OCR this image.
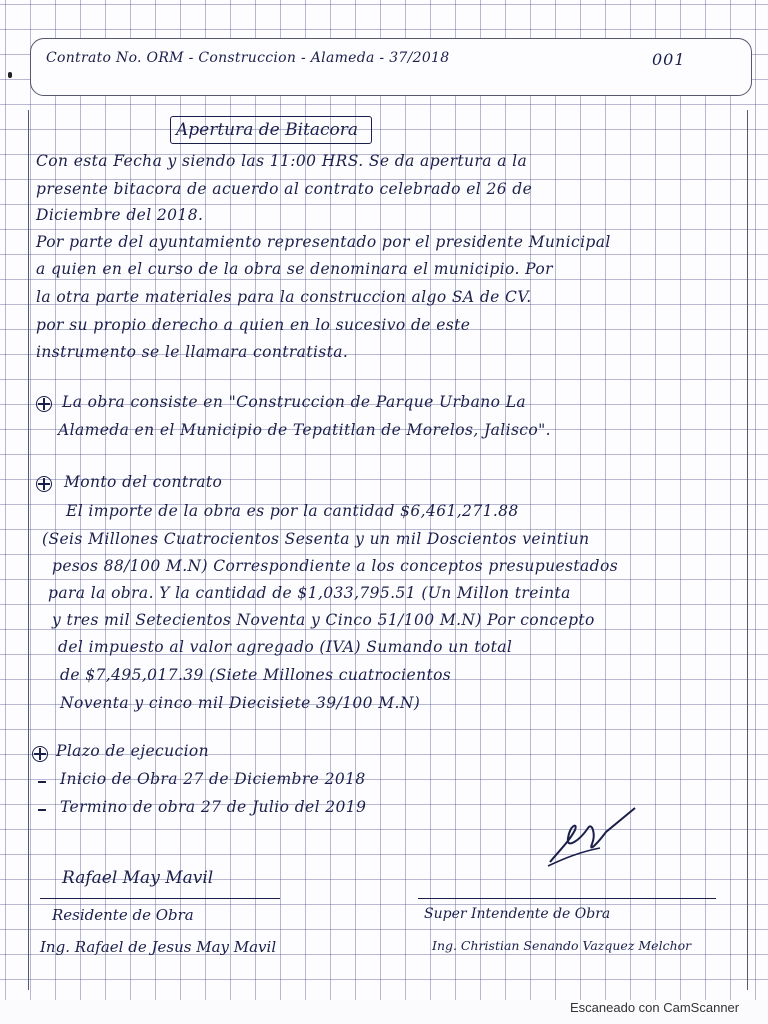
Contrato No. ORM - Construccion - Alameda - 37/2018	001
Apertura de Bitacora
Con esta Fecha y siendo las 11:00 HRS. Se da apertura a la
presente bitacora de acuerdo al contrato celebrado el 26 de
Diciembre del 2018.
Por parte del ayuntamiento representado por el presidente Municipal
a quien en el curso de la obra se denominara el municipio. Por
la otra parte materiales para la construccion algo SA de CV.
por su propio derecho a quien en lo sucesivo de este
instrumento se le llamara contratista.
La obra consiste en "Construccion de Parque Urbano La
Alameda en el Municipio de Tepatitlan de Morelos, Jalisco".
Monto del contrato
El importe de la obra es por la cantidad $6,461,271.88
(Seis Millones Cuatrocientos Sesenta y un mil Doscientos veintiun
pesos 88/100 M.N) Correspondiente a los conceptos presupuestados
para la obra. Y la cantidad de $1,033,795.51 (Un Millon treinta
y tres mil Setecientos Noventa y Cinco 51/100 M.N) Por concepto
del impuesto al valor agregado (IVA) Sumando un total
de $7,495,017.39 (Siete Millones cuatrocientos
Noventa y cinco mil Diecisiete 39/100 M.N)
Plazo de ejecucion
Inicio de Obra 27 de Diciembre 2018
Termino de obra 27 de Julio del 2019
Rafael May Mavil
Residente de Obra
Ing. Rafael de Jesus May Mavil
Super Intendente de Obra
Ing. Christian Senando Vazquez Melchor
Escaneado con CamScanner
